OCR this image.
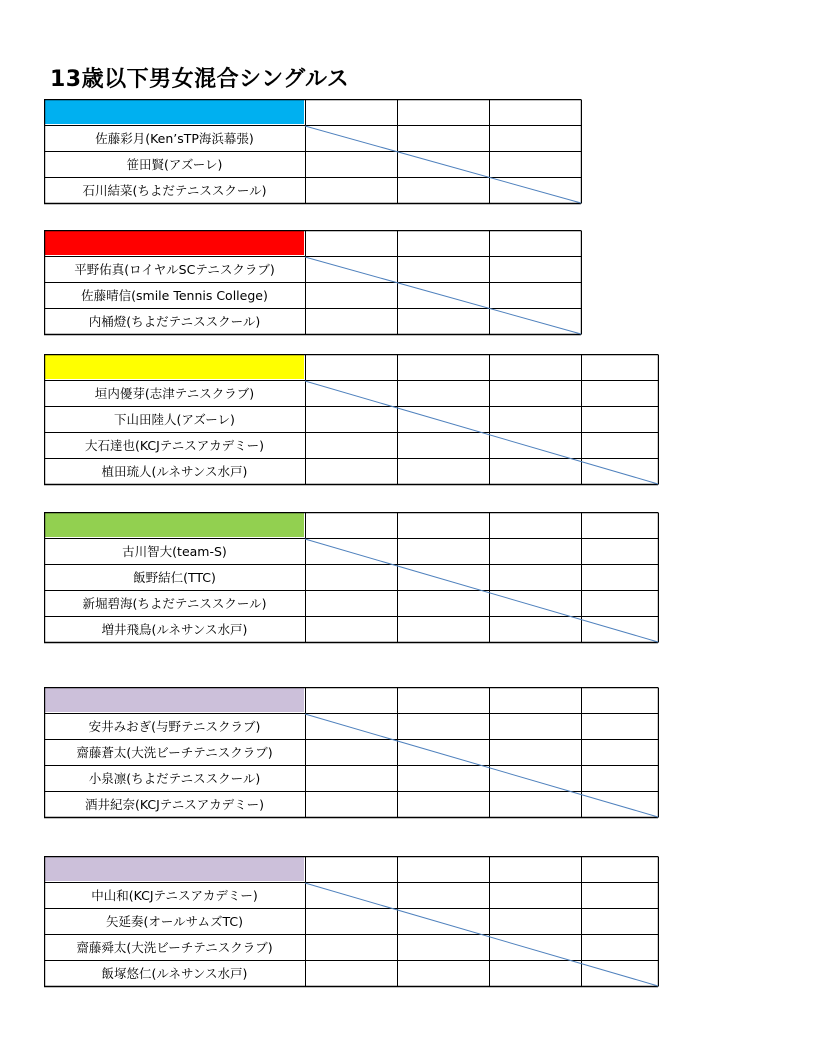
13歳以下男女混合シングルス
佐藤彩月(Ken’sTP海浜幕張)
笹田賢(アズーレ)
石川結菜(ちよだテニススクール)
平野佑真(ロイヤルSCテニスクラブ)
佐藤晴信(smile Tennis College)
内桶燈(ちよだテニススクール)
垣内優芽(志津テニスクラブ)
下山田陸人(アズーレ)
大石達也(KCJテニスアカデミー)
植田琉人(ルネサンス水戸)
古川智大(team-S)
飯野結仁(TTC)
新堀碧海(ちよだテニススクール)
増井飛鳥(ルネサンス水戸)
安井みおぎ(与野テニスクラブ)
齋藤蒼太(大洗ビーチテニスクラブ)
小泉凛(ちよだテニススクール)
酒井紀奈(KCJテニスアカデミー)
中山和(KCJテニスアカデミー)
矢延奏(オールサムズTC)
齋藤舜太(大洗ビーチテニスクラブ)
飯塚悠仁(ルネサンス水戸)
